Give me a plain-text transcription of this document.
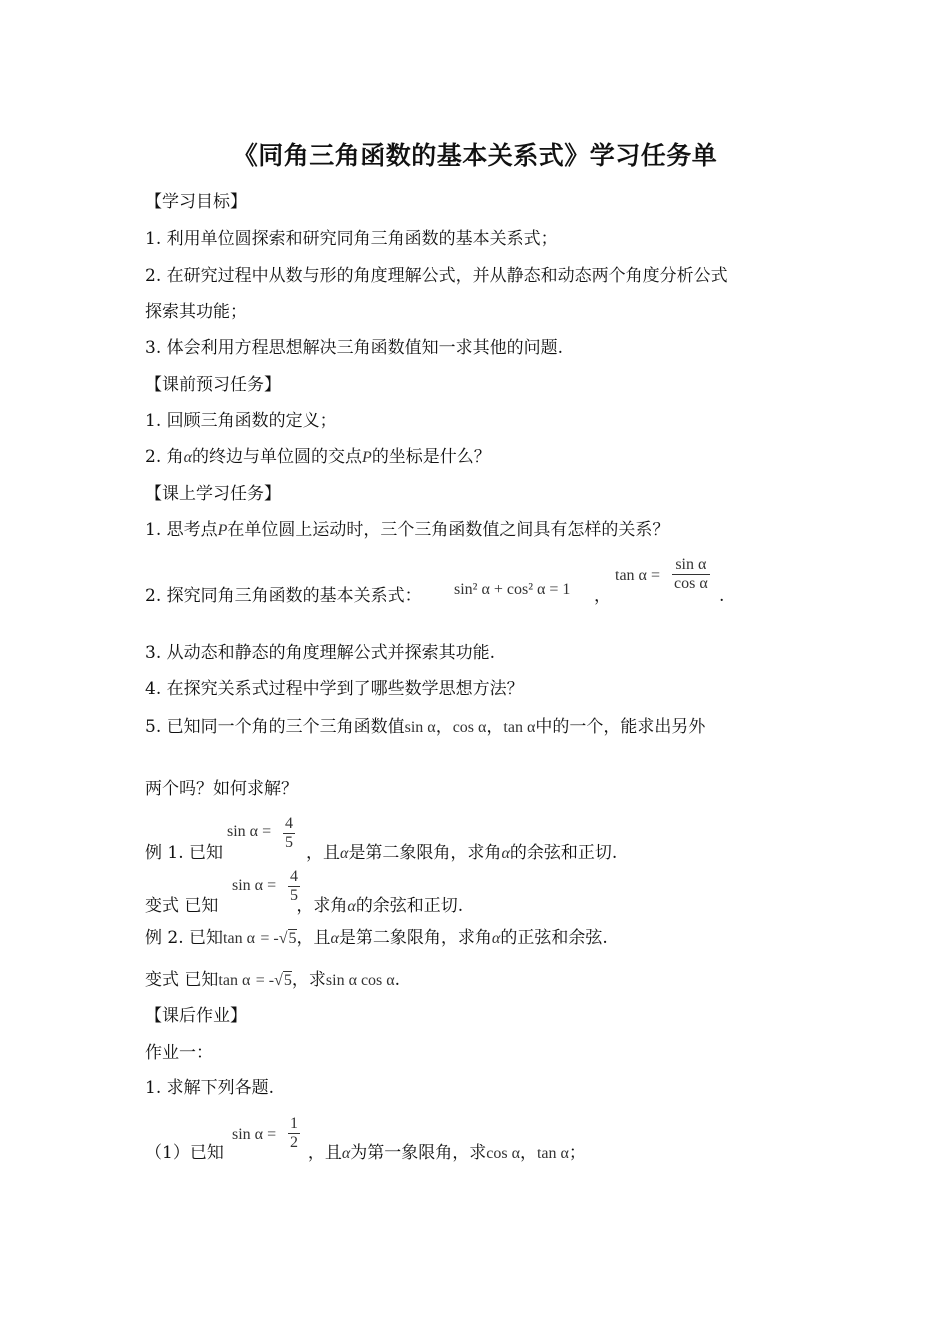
《同角三角函数的基本关系式》学习任务单
【学习目标】
1. 利用单位圆探索和研究同角三角函数的基本关系式；
2. 在研究过程中从数与形的角度理解公式，并从静态和动态两个角度分析公式
探索其功能；
3. 体会利用方程思想解决三角函数值知一求其他的问题.
【课前预习任务】
1. 回顾三角函数的定义；
2. 角α的终边与单位圆的交点P的坐标是什么？
【课上学习任务】
1. 思考点P在单位圆上运动时，三个三角函数值之间具有怎样的关系？
2. 探究同角三角函数的基本关系式： sin² α + cos² α = 1 ，
$\tan \alpha = \frac{\text{sin α}}{\text{cos α}}$
.
3. 从动态和静态的角度理解公式并探索其功能.
4. 在探究关系式过程中学到了哪些数学思想方法？
5. 已知同一个角的三个三角函数值sin α，cos α，tan α中的一个，能求出另外
两个吗？如何求解？
$\sin \alpha = \frac{4}{5}$
例 1. 已知	，且α是第二象限角，求角α的余弦和正切.
$\sin \alpha = \frac{4}{5}$
变式 已知	，求角α的余弦和正切.
例 2. 已知tan α = -√5，且α是第二象限角，求角α的正弦和余弦.
变式 已知tan α = -√5，求sin α cos α.
【课后作业】
作业一：
1. 求解下列各题.
$\sin \alpha = \frac{1}{2}$
（1）已知	，且α为第一象限角，求cos α，tan α；
